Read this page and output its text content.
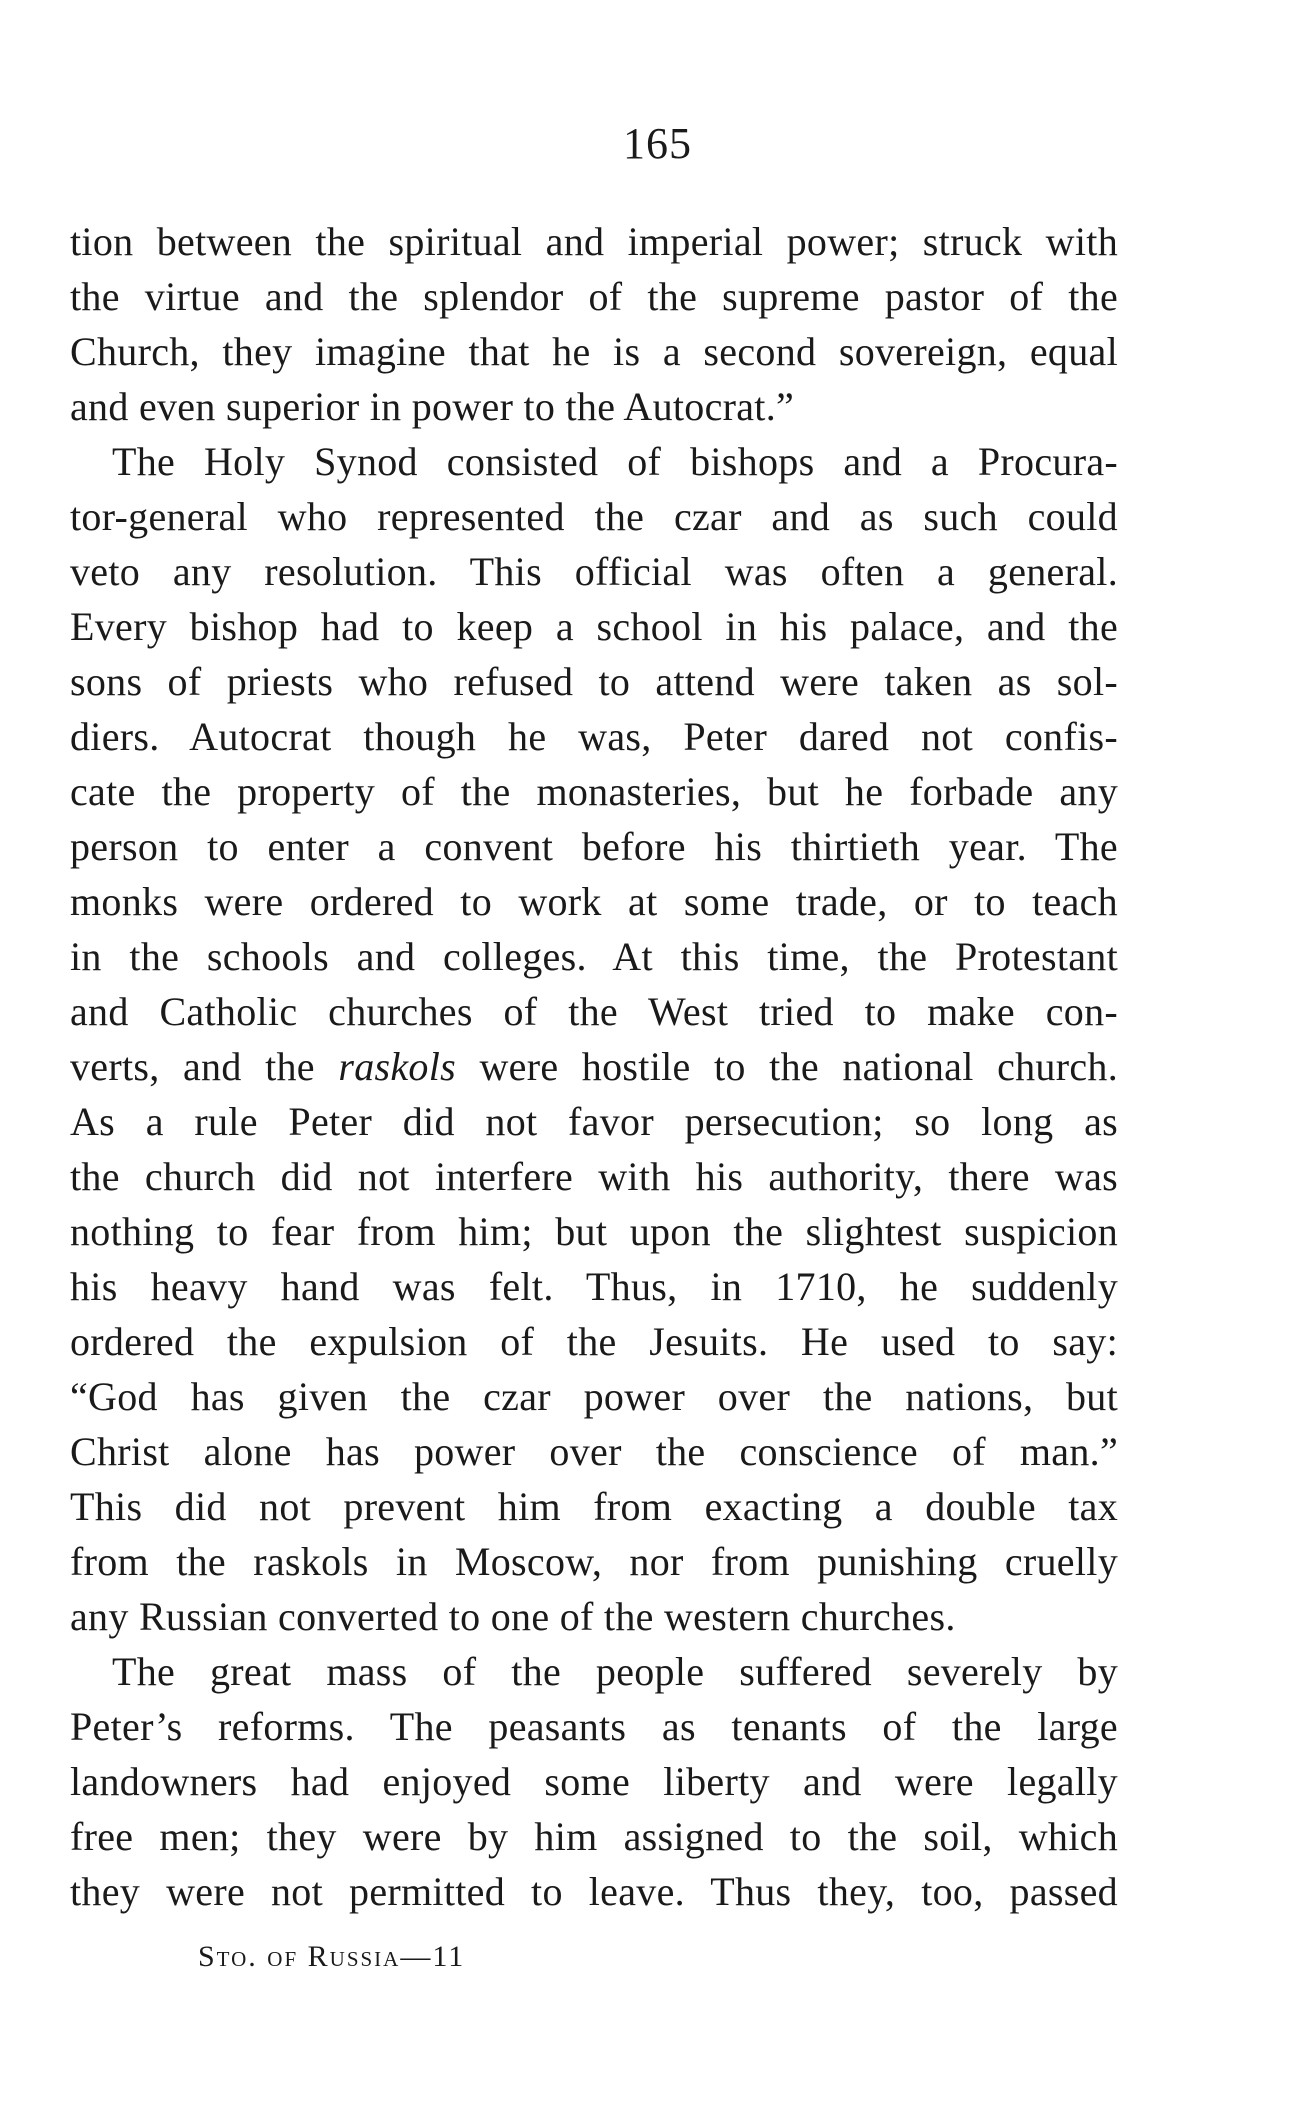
165
tion between the spiritual and imperial power; struck with
the virtue and the splendor of the supreme pastor of the
Church, they imagine that he is a second sovereign, equal
and even superior in power to the Autocrat.”
The Holy Synod consisted of bishops and a Procura-
tor-general who represented the czar and as such could
veto any resolution. This official was often a general.
Every bishop had to keep a school in his palace, and the
sons of priests who refused to attend were taken as sol-
diers. Autocrat though he was, Peter dared not confis-
cate the property of the monasteries, but he forbade any
person to enter a convent before his thirtieth year. The
monks were ordered to work at some trade, or to teach
in the schools and colleges. At this time, the Protestant
and Catholic churches of the West tried to make con-
verts, and the raskols were hostile to the national church.
As a rule Peter did not favor persecution; so long as
the church did not interfere with his authority, there was
nothing to fear from him; but upon the slightest suspicion
his heavy hand was felt. Thus, in 1710, he suddenly
ordered the expulsion of the Jesuits. He used to say:
“God has given the czar power over the nations, but
Christ alone has power over the conscience of man.”
This did not prevent him from exacting a double tax
from the raskols in Moscow, nor from punishing cruelly
any Russian converted to one of the western churches.
The great mass of the people suffered severely by
Peter’s reforms. The peasants as tenants of the large
landowners had enjoyed some liberty and were legally
free men; they were by him assigned to the soil, which
they were not permitted to leave. Thus they, too, passed
Sto. of Russia—11
